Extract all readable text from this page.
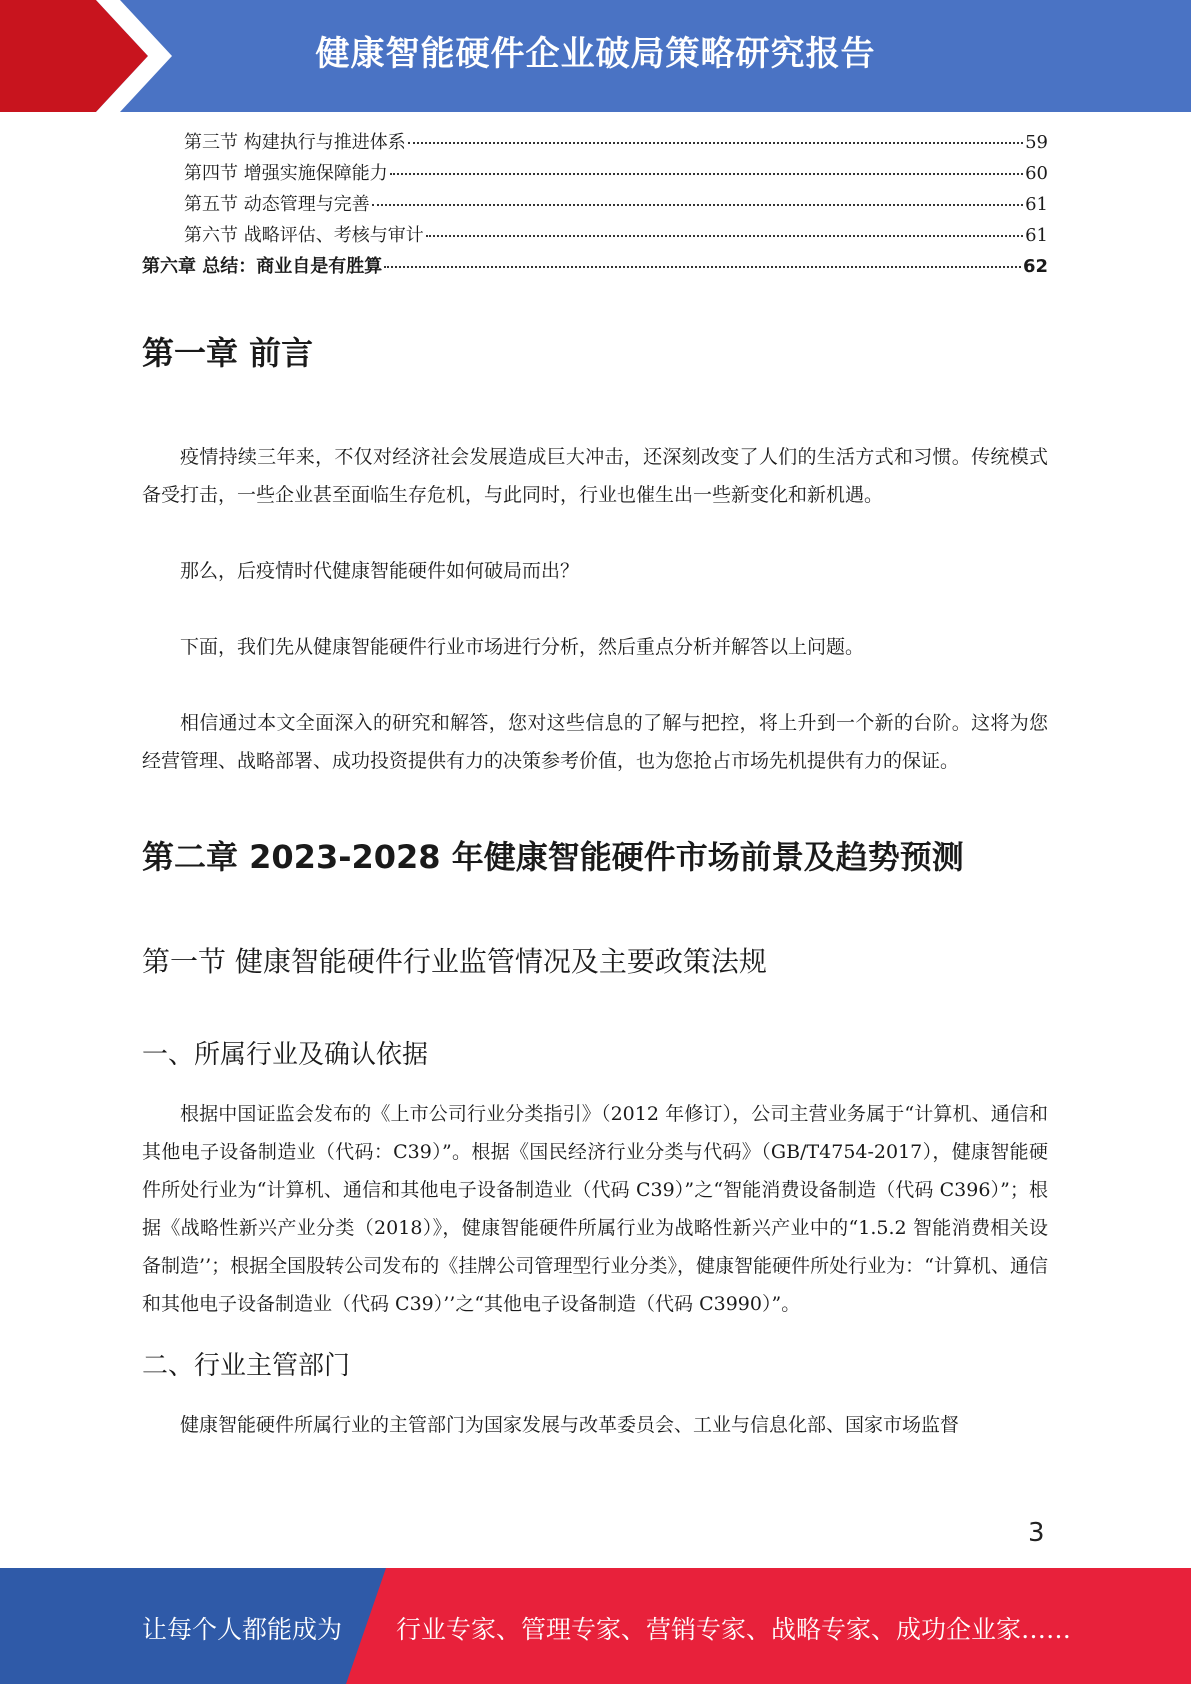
健康智能硬件企业破局策略研究报告
第三节 构建执行与推进体系	59
第四节 增强实施保障能力	60
第五节 动态管理与完善	61
第六节 战略评估、考核与审计	61
第六章 总结：商业自是有胜算	62
第一章 前言

疫情持续三年来，不仅对经济社会发展造成巨大冲击，还深刻改变了人们的生活方式和习惯。传统模式备受打击，一些企业甚至面临生存危机，与此同时，行业也催生出一些新变化和新机遇。

那么，后疫情时代健康智能硬件如何破局而出？

下面，我们先从健康智能硬件行业市场进行分析，然后重点分析并解答以上问题。

相信通过本文全面深入的研究和解答，您对这些信息的了解与把控，将上升到一个新的台阶。这将为您经营管理、战略部署、成功投资提供有力的决策参考价值，也为您抢占市场先机提供有力的保证。

第二章 2023-2028 年健康智能硬件市场前景及趋势预测
第一节 健康智能硬件行业监管情况及主要政策法规
一、所属行业及确认依据

根据中国证监会发布的《上市公司行业分类指引》（2012 年修订），公司主营业务属于“计算机、通信和其他电子设备制造业（代码：C39）”。根据《国民经济行业分类与代码》（GB/T4754-2017），健康智能硬件所处行业为“计算机、通信和其他电子设备制造业（代码 C39）”之“智能消费设备制造（代码 C396）”；根据《战略性新兴产业分类（2018）》，健康智能硬件所属行业为战略性新兴产业中的“1.5.2 智能消费相关设备制造’’；根据全国股转公司发布的《挂牌公司管理型行业分类》，健康智能硬件所处行业为：“计算机、通信和其他电子设备制造业（代码 C39）’’之“其他电子设备制造（代码 C3990）”。

二、行业主管部门

健康智能硬件所属行业的主管部门为国家发展与改革委员会、工业与信息化部、国家市场监督

3
让每个人都能成为 行业专家、管理专家、营销专家、战略专家、成功企业家……
